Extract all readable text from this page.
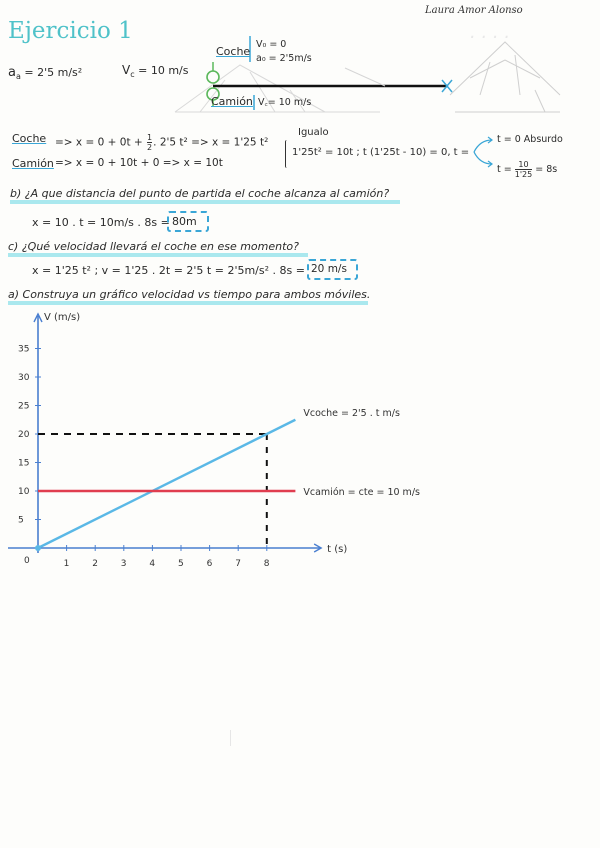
. . . .
Ejercicio 1
Laura Amor Alonso
$a_a = 2'5$ m/s²	$V_c = 10$ m/s
Coche
V₀ = 0
a₀ = 2'5m/s
Camión V꜀= 10 m/s
Coche => $x = 0 + 0t + \frac{1}{2}$ . 2'5 t² => x = 1'25 t²
Camión => x = 0 + 10t + 0 => x = 10t
Igualo
1'25t² = 10t ; t (1'25t - 10) = 0, t =
t = 0 Absurdo
$t = \frac{10}{1'25} = 8s$
b) ¿A que distancia del punto de partida el coche alcanza al camión?
x = 10 . t = 10m/s . 8s = 80m
c) ¿Qué velocidad llevará el coche en ese momento?
x = 1'25 t² ; v = 1'25 . 2t = 2'5 t = 2'5m/s² . 8s = 20 m/s
a) Construya un gráfico velocidad vs tiempo para ambos móviles.
5
10
15
20
25
30
35
1	2	3	4	5	6	7	8
0
V (m/s)
t (s)
Vcoche = 2'5 . t m/s
Vcamión = cte = 10 m/s
